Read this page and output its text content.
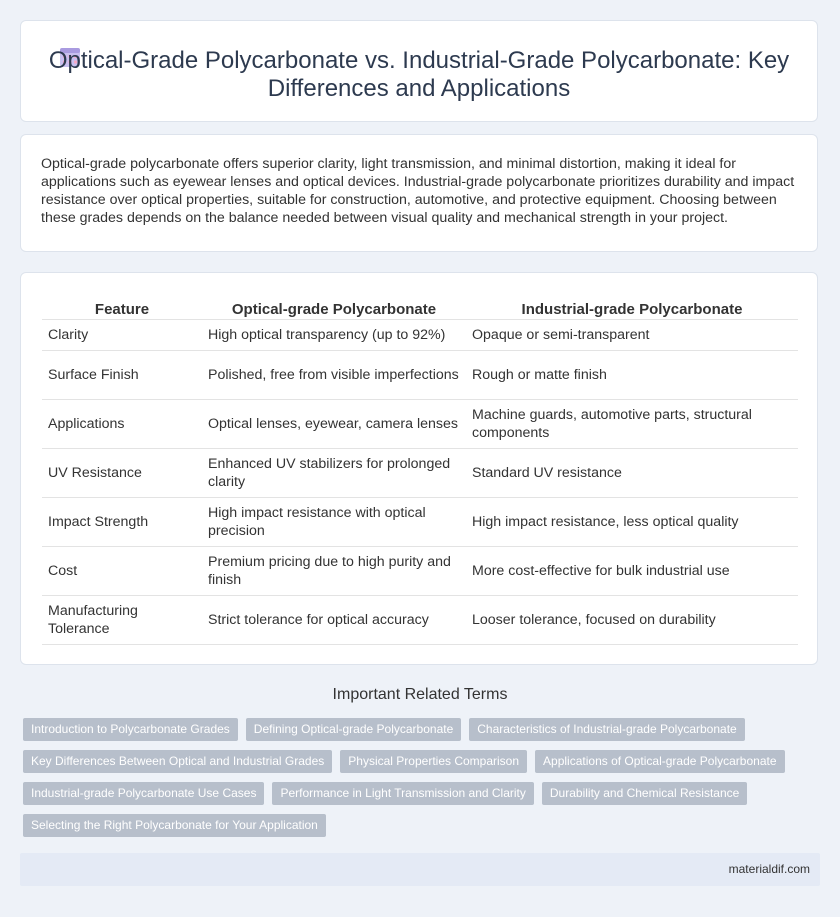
Optical-Grade Polycarbonate vs. Industrial-Grade Polycarbonate: Key Differences and Applications

Optical-grade polycarbonate offers superior clarity, light transmission, and minimal distortion, making it ideal for applications such as eyewear lenses and optical devices. Industrial-grade polycarbonate prioritizes durability and impact resistance over optical properties, suitable for construction, automotive, and protective equipment. Choosing between these grades depends on the balance needed between visual quality and mechanical strength in your project.

Feature	Optical-grade Polycarbonate	Industrial-grade Polycarbonate
Clarity	High optical transparency (up to 92%)	Opaque or semi-transparent
Surface Finish	Polished, free from visible imperfections	Rough or matte finish
Applications	Optical lenses, eyewear, camera lenses	Machine guards, automotive parts, structural components
UV Resistance	Enhanced UV stabilizers for prolonged clarity	Standard UV resistance
Impact Strength	High impact resistance with optical precision	High impact resistance, less optical quality
Cost	Premium pricing due to high purity and finish	More cost-effective for bulk industrial use
Manufacturing Tolerance	Strict tolerance for optical accuracy	Looser tolerance, focused on durability
Important Related Terms
Introduction to Polycarbonate Grades	Defining Optical-grade Polycarbonate	Characteristics of Industrial-grade Polycarbonate
Key Differences Between Optical and Industrial Grades	Physical Properties Comparison	Applications of Optical-grade Polycarbonate
Industrial-grade Polycarbonate Use Cases	Performance in Light Transmission and Clarity	Durability and Chemical Resistance
Selecting the Right Polycarbonate for Your Application
materialdif.com
